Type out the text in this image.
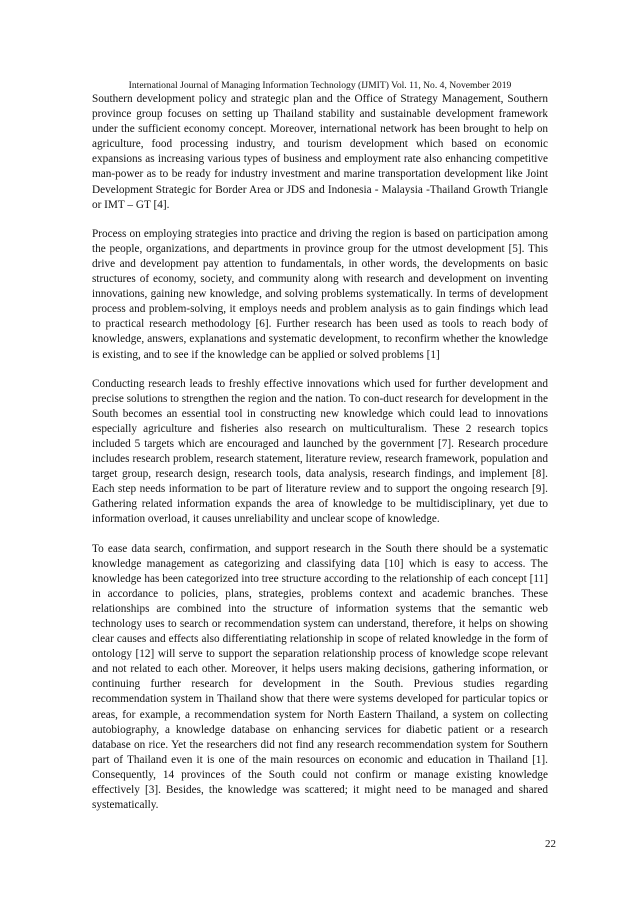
International Journal of Managing Information Technology (IJMIT) Vol. 11, No. 4, November 2019

Southern development policy and strategic plan and the Office of Strategy Management, Southern province group focuses on setting up Thailand stability and sustainable development framework under the sufficient economy concept. Moreover, international network has been brought to help on agriculture, food processing industry, and tourism development which based on economic expansions as increasing various types of business and employment rate also enhancing competitive man-power as to be ready for industry investment and marine transportation development like Joint Development Strategic for Border Area or JDS and Indonesia - Malaysia -Thailand Growth Triangle or IMT – GT [4].

Process on employing strategies into practice and driving the region is based on participation among the people, organizations, and departments in province group for the utmost development [5]. This drive and development pay attention to fundamentals, in other words, the developments on basic structures of economy, society, and community along with research and development on inventing innovations, gaining new knowledge, and solving problems systematically. In terms of development process and problem-solving, it employs needs and problem analysis as to gain findings which lead to practical research methodology [6]. Further research has been used as tools to reach body of knowledge, answers, explanations and systematic development, to reconfirm whether the knowledge is existing, and to see if the knowledge can be applied or solved problems [1]

Conducting research leads to freshly effective innovations which used for further development and precise solutions to strengthen the region and the nation. To con-duct research for development in the South becomes an essential tool in constructing new knowledge which could lead to innovations especially agriculture and fisheries also research on multiculturalism. These 2 research topics included 5 targets which are encouraged and launched by the government [7]. Research procedure includes research problem, research statement, literature review, research framework, population and target group, research design, research tools, data analysis, research findings, and implement [8]. Each step needs information to be part of literature review and to support the ongoing research [9]. Gathering related information expands the area of knowledge to be multidisciplinary, yet due to information overload, it causes unreliability and unclear scope of knowledge.

To ease data search, confirmation, and support research in the South there should be a systematic knowledge management as categorizing and classifying data [10] which is easy to access. The knowledge has been categorized into tree structure according to the relationship of each concept [11] in accordance to policies, plans, strategies, problems context and academic branches. These relationships are combined into the structure of information systems that the semantic web technology uses to search or recommendation system can understand, therefore, it helps on showing clear causes and effects also differentiating relationship in scope of related knowledge in the form of ontology [12] will serve to support the separation relationship process of knowledge scope relevant and not related to each other. Moreover, it helps users making decisions, gathering information, or continuing further research for development in the South. Previous studies regarding recommendation system in Thailand show that there were systems developed for particular topics or areas, for example, a recommendation system for North Eastern Thailand, a system on collecting autobiography, a knowledge database on enhancing services for diabetic patient or a research database on rice. Yet the researchers did not find any research recommendation system for Southern part of Thailand even it is one of the main resources on economic and education in Thailand [1]. Consequently, 14 provinces of the South could not confirm or manage existing knowledge effectively [3]. Besides, the knowledge was scattered; it might need to be managed and shared systematically.

22
